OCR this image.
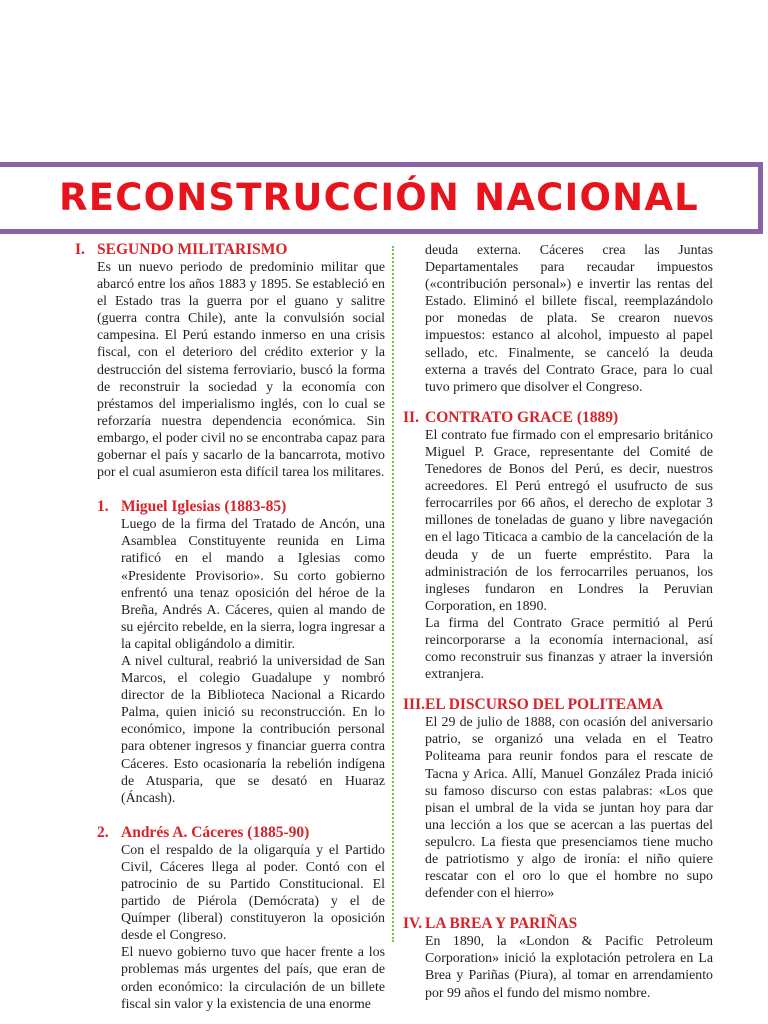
RECONSTRUCCIÓN NACIONAL
I. SEGUNDO MILITARISMO

Es un nuevo periodo de predominio militar que abarcó entre los años 1883 y 1895. Se estableció en el Estado tras la guerra por el guano y salitre (guerra contra Chile), ante la convulsión social campesina. El Perú estando inmerso en una crisis fiscal, con el deterioro del crédito exterior y la destrucción del sistema ferroviario, buscó la forma de reconstruir la sociedad y la economía con préstamos del imperialismo inglés, con lo cual se reforzaría nuestra dependencia económica. Sin embargo, el poder civil no se encontraba capaz para gobernar el país y sacarlo de la bancarrota, motivo por el cual asumieron esta difícil tarea los militares.

1. Miguel Iglesias (1883-85)

Luego de la firma del Tratado de Ancón, una Asamblea Constituyente reunida en Lima ratificó en el mando a Iglesias como «Presidente Provisorio». Su corto gobierno enfrentó una tenaz oposición del héroe de la Breña, Andrés A. Cáceres, quien al mando de su ejército rebelde, en la sierra, logra ingresar a la capital obligándolo a dimitir.

A nivel cultural, reabrió la universidad de San Marcos, el colegio Guadalupe y nombró director de la Biblioteca Nacional a Ricardo Palma, quien inició su reconstrucción. En lo económico, impone la contribución personal para obtener ingresos y financiar guerra contra Cáceres. Esto ocasionaría la rebelión indígena de Atusparia, que se desató en Huaraz (Áncash).

2. Andrés A. Cáceres (1885-90)

Con el respaldo de la oligarquía y el Partido Civil, Cáceres llega al poder. Contó con el patrocinio de su Partido Constitucional. El partido de Piérola (Demócrata) y el de Químper (liberal) constituyeron la oposición desde el Congreso.

El nuevo gobierno tuvo que hacer frente a los problemas más urgentes del país, que eran de orden económico: la circulación de un billete fiscal sin valor y la existencia de una enorme

deuda externa. Cáceres crea las Juntas Departamentales para recaudar impuestos («contribución personal») e invertir las rentas del Estado. Eliminó el billete fiscal, reemplazándolo por monedas de plata. Se crearon nuevos impuestos: estanco al alcohol, impuesto al papel sellado, etc. Finalmente, se canceló la deuda externa a través del Contrato Grace, para lo cual tuvo primero que disolver el Congreso.

II. CONTRATO GRACE (1889)

El contrato fue firmado con el empresario británico Miguel P. Grace, representante del Comité de Tenedores de Bonos del Perú, es decir, nuestros acreedores. El Perú entregó el usufructo de sus ferrocarriles por 66 años, el derecho de explotar 3 millones de toneladas de guano y libre navegación en el lago Titicaca a cambio de la cancelación de la deuda y de un fuerte empréstito. Para la administración de los ferrocarriles peruanos, los ingleses fundaron en Londres la Peruvian Corporation, en 1890.

La firma del Contrato Grace permitió al Perú reincorporarse a la economía internacional, así como reconstruir sus finanzas y atraer la inversión extranjera.

III. EL DISCURSO DEL POLITEAMA

El 29 de julio de 1888, con ocasión del aniversario patrio, se organizó una velada en el Teatro Politeama para reunir fondos para el rescate de Tacna y Arica. Allí, Manuel González Prada inició su famoso discurso con estas palabras: «Los que pisan el umbral de la vida se juntan hoy para dar una lección a los que se acercan a las puertas del sepulcro. La fiesta que presenciamos tiene mucho de patriotismo y algo de ironía: el niño quiere rescatar con el oro lo que el hombre no supo defender con el hierro»

IV. LA BREA Y PARIÑAS

En 1890, la «London & Pacific Petroleum Corporation» inició la explotación petrolera en La Brea y Pariñas (Piura), al tomar en arrendamiento por 99 años el fundo del mismo nombre.
